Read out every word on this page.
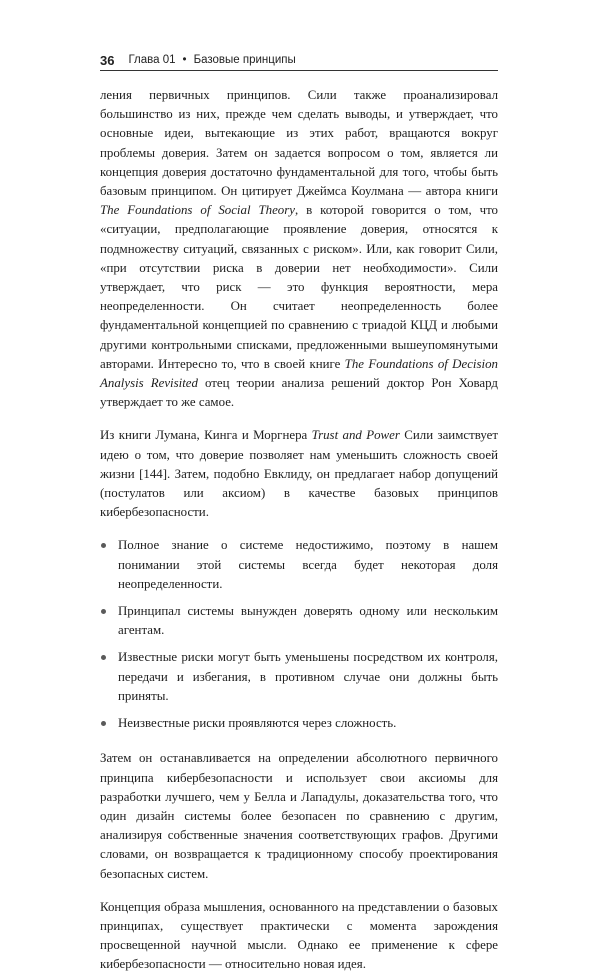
36 Глава 01 • Базовые принципы

ления первичных принципов. Сили также проанализировал большинство из них, прежде чем сделать выводы, и утверждает, что основные идеи, вытекающие из этих работ, вращаются вокруг проблемы доверия. Затем он задается вопросом о том, является ли концепция доверия достаточно фундаментальной для того, чтобы быть базовым принципом. Он цитирует Джеймса Коулмана — автора книги The Foundations of Social Theory, в которой говорится о том, что «ситуации, предполагающие проявление доверия, относятся к подмножеству ситуаций, связанных с риском». Или, как говорит Сили, «при отсутствии риска в доверии нет необходимости». Сили утверждает, что риск — это функция вероятности, мера неопределенности. Он считает неопределенность более фундаментальной концепцией по сравнению с триадой КЦД и любыми другими контрольными списками, предложенными вышеупомянутыми авторами. Интересно то, что в своей книге The Foundations of Decision Analysis Revisited отец теории анализа решений доктор Рон Ховард утверждает то же самое.

Из книги Лумана, Кинга и Моргнера Trust and Power Сили заимствует идею о том, что доверие позволяет нам уменьшить сложность своей жизни [144]. Затем, подобно Евклиду, он предлагает набор допущений (постулатов или аксиом) в качестве базовых принципов кибербезопасности.

Полное знание о системе недостижимо, поэтому в нашем понимании этой системы всегда будет некоторая доля неопределенности.
Принципал системы вынужден доверять одному или нескольким агентам.
Известные риски могут быть уменьшены посредством их контроля, передачи и избегания, в противном случае они должны быть приняты.
Неизвестные риски проявляются через сложность.

Затем он останавливается на определении абсолютного первичного принципа кибербезопасности и использует свои аксиомы для разработки лучшего, чем у Белла и Лападулы, доказательства того, что один дизайн системы более безопасен по сравнению с другим, анализируя собственные значения соответствующих графов. Другими словами, он возвращается к традиционному способу проектирования безопасных систем.

Концепция образа мышления, основанного на представлении о базовых принципах, существует практически с момента зарождения просвещенной научной мысли. Однако ее применение к сфере кибербезопасности — относительно новая идея.
